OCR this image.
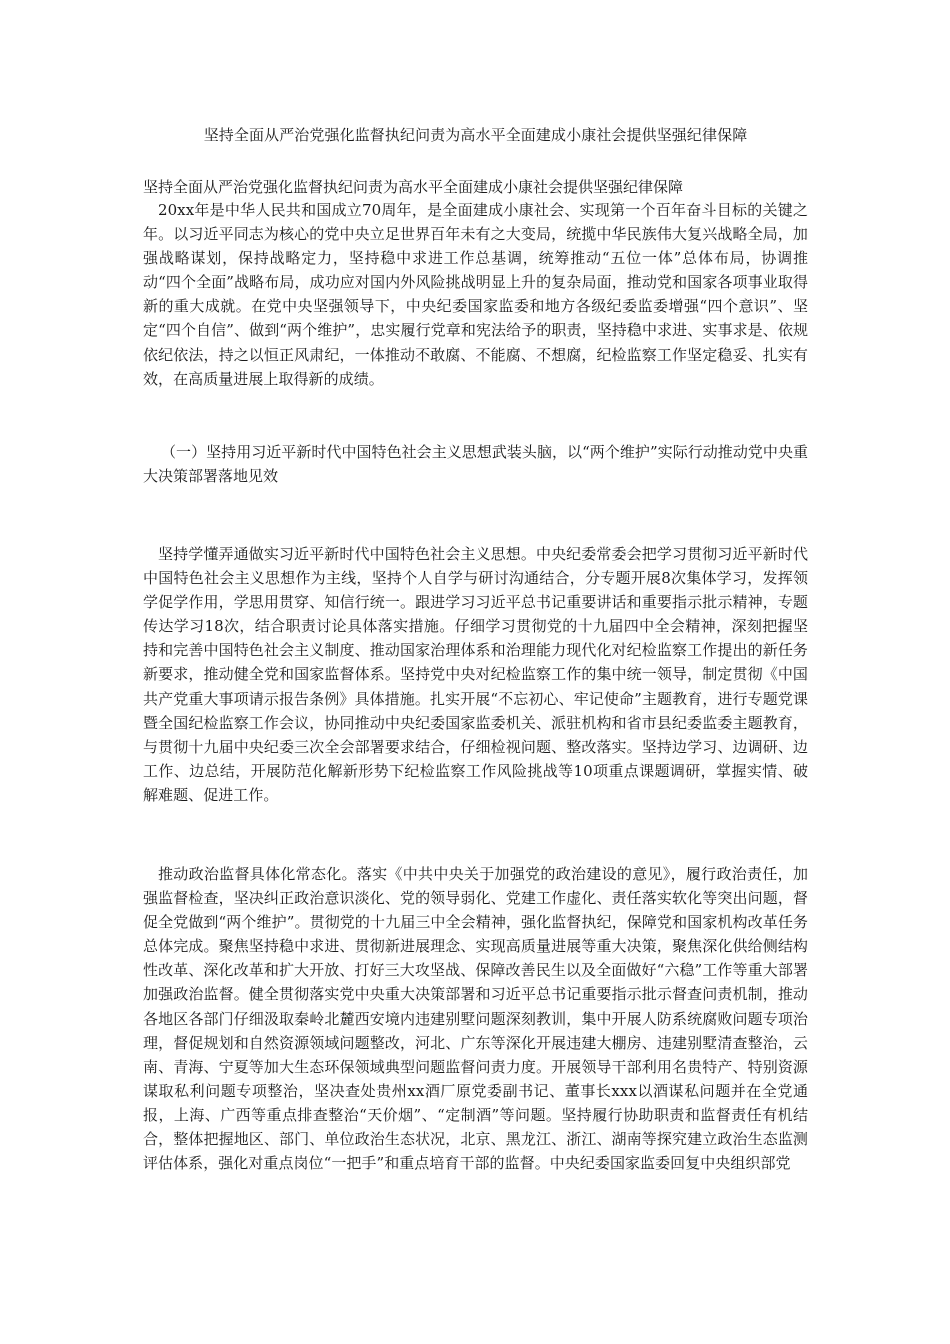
坚持全面从严治党强化监督执纪问责为高水平全面建成小康社会提供坚强纪律保障

坚持全面从严治党强化监督执纪问责为高水平全面建成小康社会提供坚强纪律保障

20xx年是中华人民共和国成立70周年，是全面建成小康社会、实现第一个百年奋斗目标的关键之年。以习近平同志为核心的党中央立足世界百年未有之大变局，统揽中华民族伟大复兴战略全局，加强战略谋划，保持战略定力，坚持稳中求进工作总基调，统筹推动“五位一体”总体布局，协调推动“四个全面”战略布局，成功应对国内外风险挑战明显上升的复杂局面，推动党和国家各项事业取得新的重大成就。在党中央坚强领导下，中央纪委国家监委和地方各级纪委监委增强“四个意识”、坚定“四个自信”、做到“两个维护”，忠实履行党章和宪法给予的职责，坚持稳中求进、实事求是、依规依纪依法，持之以恒正风肃纪，一体推动不敢腐、不能腐、不想腐，纪检监察工作坚定稳妥、扎实有效，在高质量进展上取得新的成绩。

（一）坚持用习近平新时代中国特色社会主义思想武装头脑，以“两个维护”实际行动推动党中央重大决策部署落地见效

坚持学懂弄通做实习近平新时代中国特色社会主义思想。中央纪委常委会把学习贯彻习近平新时代中国特色社会主义思想作为主线，坚持个人自学与研讨沟通结合，分专题开展8次集体学习，发挥领学促学作用，学思用贯穿、知信行统一。跟进学习习近平总书记重要讲话和重要指示批示精神，专题传达学习18次，结合职责讨论具体落实措施。仔细学习贯彻党的十九届四中全会精神，深刻把握坚持和完善中国特色社会主义制度、推动国家治理体系和治理能力现代化对纪检监察工作提出的新任务新要求，推动健全党和国家监督体系。坚持党中央对纪检监察工作的集中统一领导，制定贯彻《中国共产党重大事项请示报告条例》具体措施。扎实开展“不忘初心、牢记使命”主题教育，进行专题党课暨全国纪检监察工作会议，协同推动中央纪委国家监委机关、派驻机构和省市县纪委监委主题教育，与贯彻十九届中央纪委三次全会部署要求结合，仔细检视问题、整改落实。坚持边学习、边调研、边工作、边总结，开展防范化解新形势下纪检监察工作风险挑战等10项重点课题调研，掌握实情、破解难题、促进工作。

推动政治监督具体化常态化。落实《中共中央关于加强党的政治建设的意见》，履行政治责任，加强监督检查，坚决纠正政治意识淡化、党的领导弱化、党建工作虚化、责任落实软化等突出问题，督促全党做到“两个维护”。贯彻党的十九届三中全会精神，强化监督执纪，保障党和国家机构改革任务总体完成。聚焦坚持稳中求进、贯彻新进展理念、实现高质量进展等重大决策，聚焦深化供给侧结构性改革、深化改革和扩大开放、打好三大攻坚战、保障改善民生以及全面做好“六稳”工作等重大部署加强政治监督。健全贯彻落实党中央重大决策部署和习近平总书记重要指示批示督查问责机制，推动各地区各部门仔细汲取秦岭北麓西安境内违建别墅问题深刻教训，集中开展人防系统腐败问题专项治理，督促规划和自然资源领域问题整改，河北、广东等深化开展违建大棚房、违建别墅清查整治，云南、青海、宁夏等加大生态环保领域典型问题监督问责力度。开展领导干部利用名贵特产、特别资源谋取私利问题专项整治，坚决查处贵州xx酒厂原党委副书记、董事长xxx以酒谋私问题并在全党通报，上海、广西等重点排查整治“天价烟”、“定制酒”等问题。坚持履行协助职责和监督责任有机结合，整体把握地区、部门、单位政治生态状况，北京、黑龙江、浙江、湖南等探究建立政治生态监测评估体系，强化对重点岗位“一把手”和重点培育干部的监督。中央纪委国家监委回复中央组织部党
